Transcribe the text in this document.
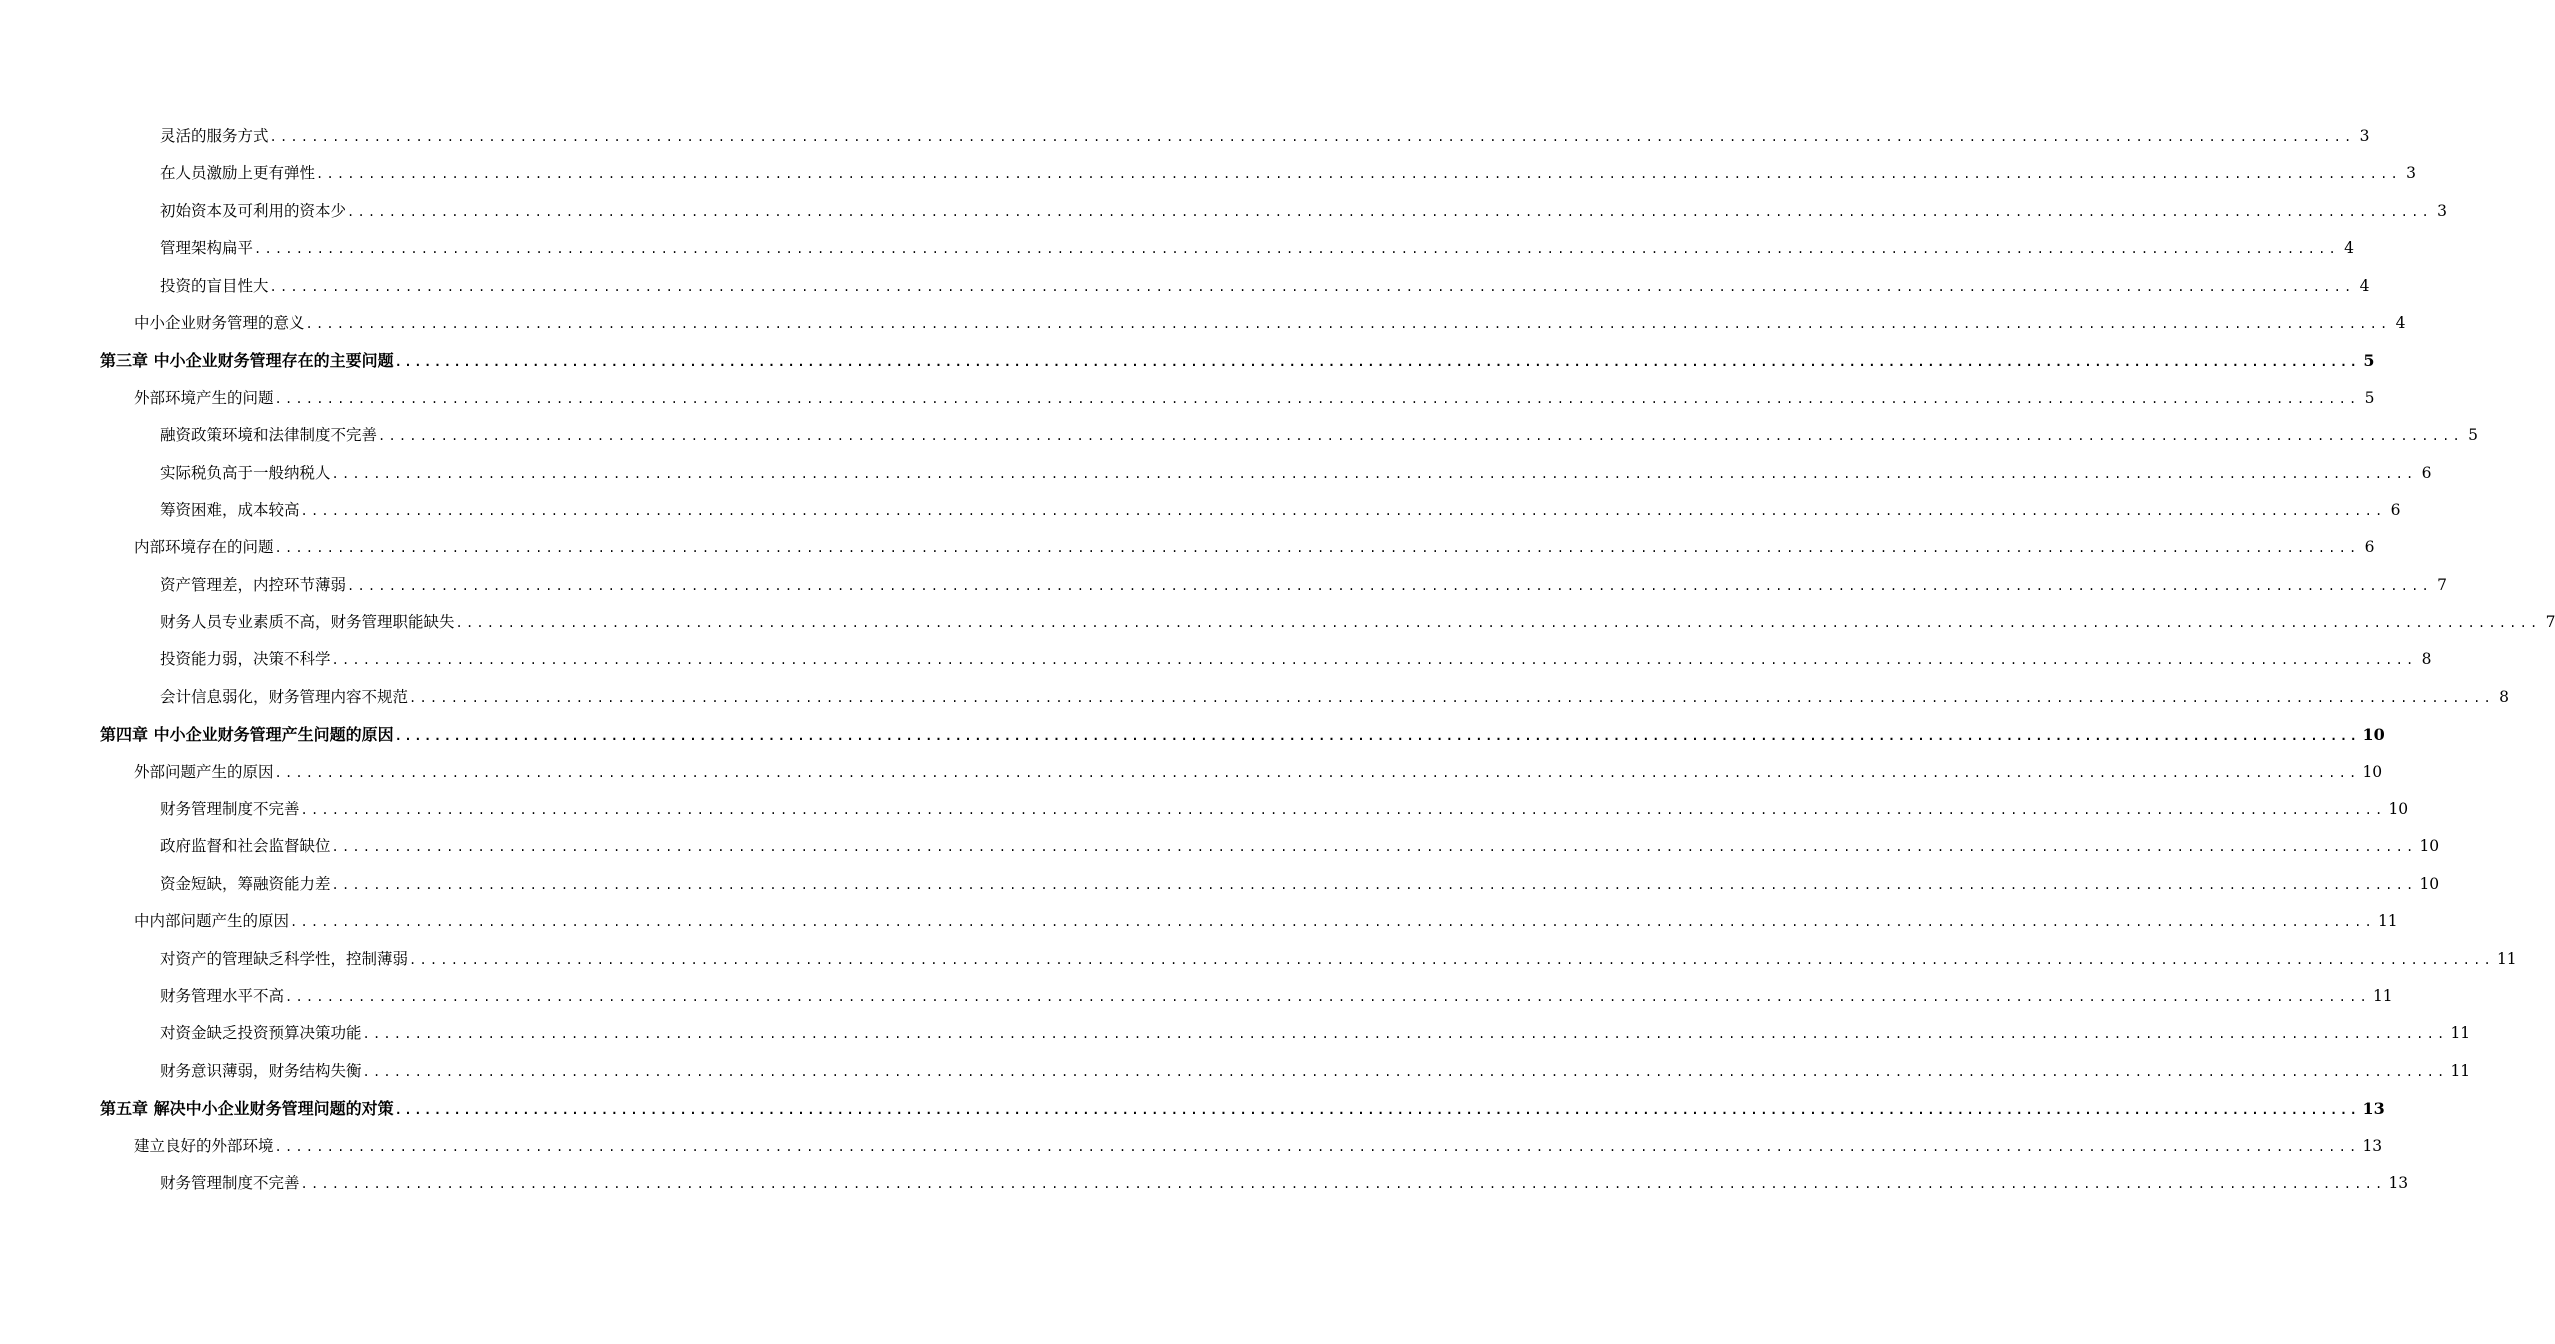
灵活的服务方式 ........................................................................................................................................................................................................ 3
在人员激励上更有弹性 ........................................................................................................................................................................................................ 3
初始资本及可利用的资本少 ........................................................................................................................................................................................................ 3
管理架构扁平 ........................................................................................................................................................................................................ 4
投资的盲目性大 ........................................................................................................................................................................................................ 4
中小企业财务管理的意义 ........................................................................................................................................................................................................ 4
第三章 中小企业财务管理存在的主要问题 ........................................................................................................................................................................................................ 5
外部环境产生的问题 ........................................................................................................................................................................................................ 5
融资政策环境和法律制度不完善 ........................................................................................................................................................................................................ 5
实际税负高于一般纳税人 ........................................................................................................................................................................................................ 6
筹资困难，成本较高 ........................................................................................................................................................................................................ 6
内部环境存在的问题 ........................................................................................................................................................................................................ 6
资产管理差，内控环节薄弱 ........................................................................................................................................................................................................ 7
财务人员专业素质不高，财务管理职能缺失 ........................................................................................................................................................................................................ 7
投资能力弱，决策不科学 ........................................................................................................................................................................................................ 8
会计信息弱化，财务管理内容不规范 ........................................................................................................................................................................................................ 8
第四章 中小企业财务管理产生问题的原因 ........................................................................................................................................................................................................ 10
外部问题产生的原因 ........................................................................................................................................................................................................ 10
财务管理制度不完善 ........................................................................................................................................................................................................ 10
政府监督和社会监督缺位 ........................................................................................................................................................................................................ 10
资金短缺，筹融资能力差 ........................................................................................................................................................................................................ 10
中内部问题产生的原因 ........................................................................................................................................................................................................ 11
对资产的管理缺乏科学性，控制薄弱 ........................................................................................................................................................................................................ 11
财务管理水平不高 ........................................................................................................................................................................................................ 11
对资金缺乏投资预算决策功能 ........................................................................................................................................................................................................ 11
财务意识薄弱，财务结构失衡 ........................................................................................................................................................................................................ 11
第五章 解决中小企业财务管理问题的对策 ........................................................................................................................................................................................................ 13
建立良好的外部环境 ........................................................................................................................................................................................................ 13
财务管理制度不完善 ........................................................................................................................................................................................................ 13
